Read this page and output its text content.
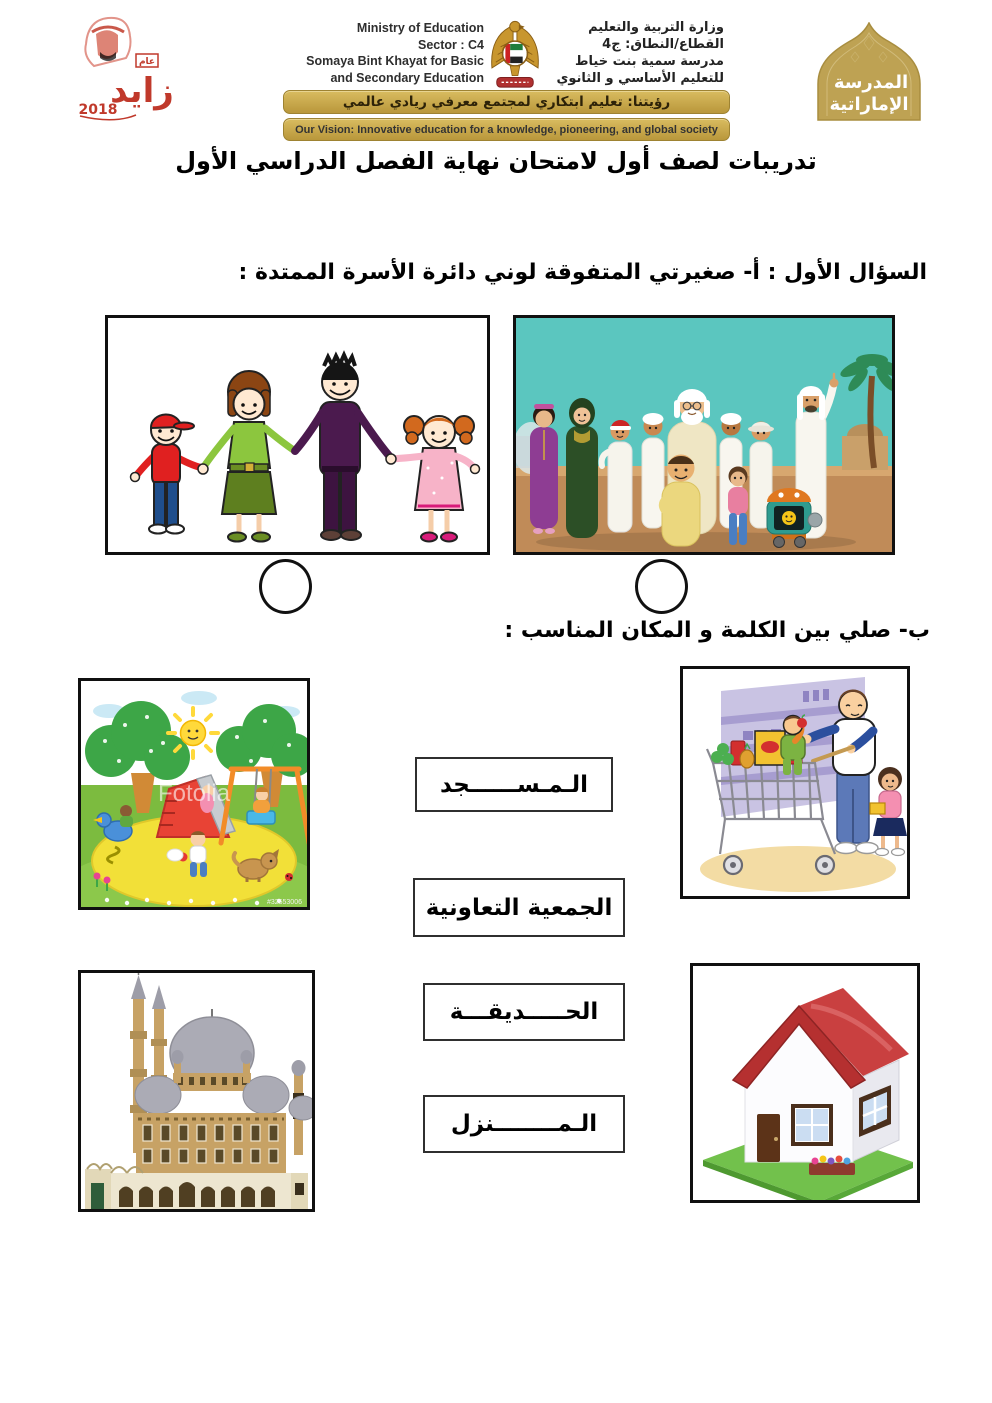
عام
زايد
2018
Ministry of Education
Sector : C4
Somaya Bint Khayat for Basic
and Secondary Education
وزارة التربية والتعليم
القطاع/النطاق: ج4
مدرسة سمية بنت خياط
للتعليم الأساسي و الثانوي
رؤيتنا: تعليم ابتكاري لمجتمع معرفي ريادي عالمي
Our Vision: Innovative education for a knowledge, pioneering, and global society
المدرسة
الإماراتية
تدريبات لصف أول لامتحان نهاية الفصل الدراسي الأول
السؤال الأول : أ- صغيرتي المتفوقة لوني دائرة الأسرة الممتدة :
ب- صلي بين الكلمة و المكان المناسب :
Fotolia
#32553006
الـمـســــــجد
الجمعية التعاونية
الحـــــديقـــة
الـمــــــــنزل
